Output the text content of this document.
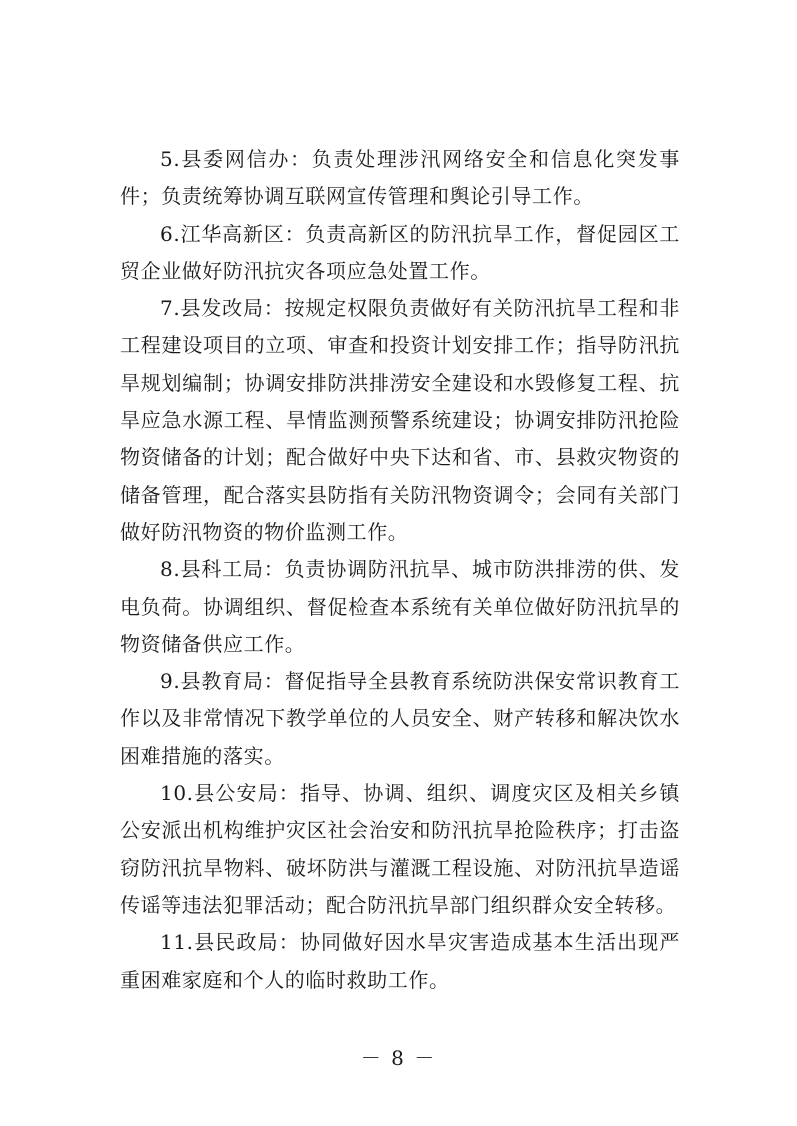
5.县委网信办：负责处理涉汛网络安全和信息化突发事件；负责统筹协调互联网宣传管理和舆论引导工作。

6.江华高新区：负责高新区的防汛抗旱工作，督促园区工贸企业做好防汛抗灾各项应急处置工作。

7.县发改局：按规定权限负责做好有关防汛抗旱工程和非工程建设项目的立项、审查和投资计划安排工作；指导防汛抗旱规划编制；协调安排防洪排涝安全建设和水毁修复工程、抗旱应急水源工程、旱情监测预警系统建设；协调安排防汛抢险物资储备的计划；配合做好中央下达和省、市、县救灾物资的储备管理，配合落实县防指有关防汛物资调令；会同有关部门做好防汛物资的物价监测工作。

8.县科工局：负责协调防汛抗旱、城市防洪排涝的供、发电负荷。协调组织、督促检查本系统有关单位做好防汛抗旱的物资储备供应工作。

9.县教育局：督促指导全县教育系统防洪保安常识教育工作以及非常情况下教学单位的人员安全、财产转移和解决饮水困难措施的落实。

10.县公安局：指导、协调、组织、调度灾区及相关乡镇公安派出机构维护灾区社会治安和防汛抗旱抢险秩序；打击盗窃防汛抗旱物料、破坏防洪与灌溉工程设施、对防汛抗旱造谣传谣等违法犯罪活动；配合防汛抗旱部门组织群众安全转移。

11.县民政局：协同做好因水旱灾害造成基本生活出现严重困难家庭和个人的临时救助工作。

－ 8 －
